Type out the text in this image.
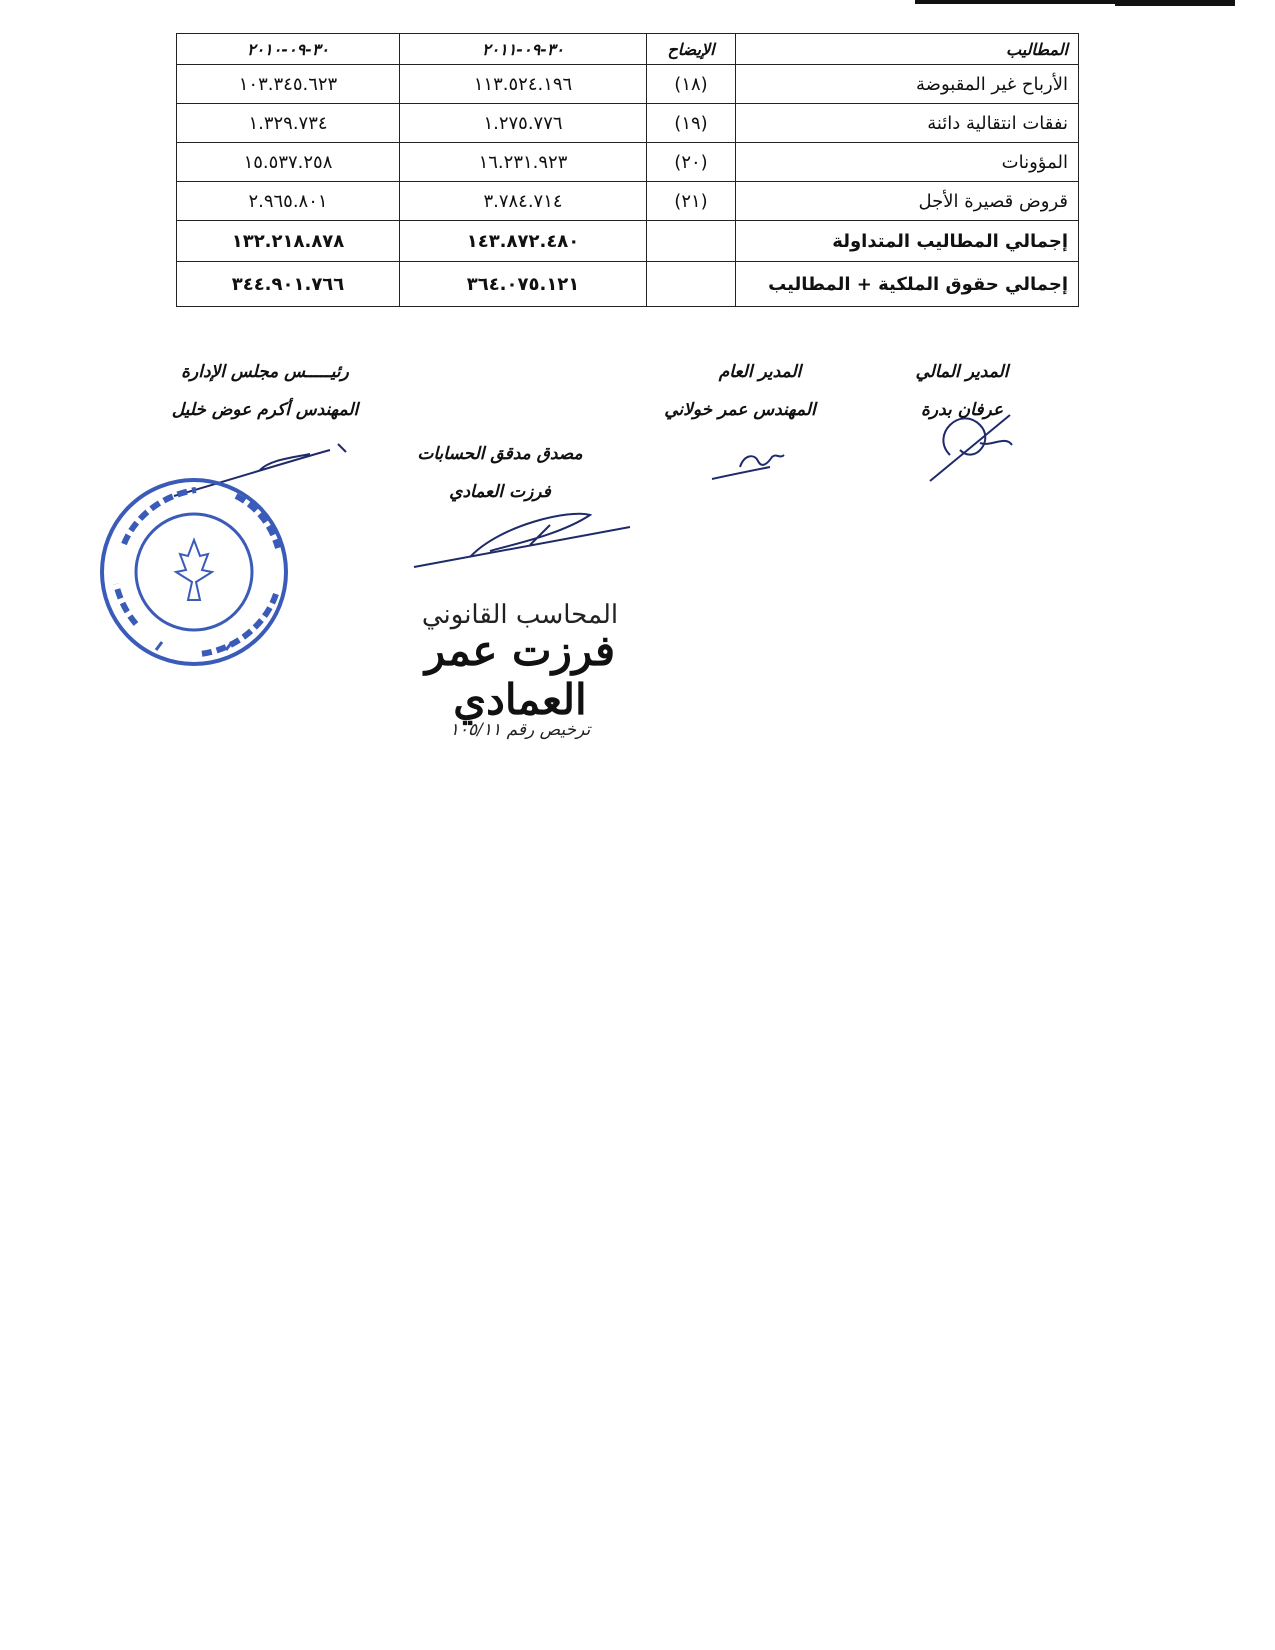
المطاليب	الإيضاح	٣٠-٠٩-٢٠١١	٣٠-٠٩-٢٠١٠
الأرباح غير المقبوضة	(١٨)	١١٣.٥٢٤.١٩٦	١٠٣.٣٤٥.٦٢٣
نفقات انتقالية دائنة	(١٩)	١.٢٧٥.٧٧٦	١.٣٢٩.٧٣٤
المؤونات	(٢٠)	١٦.٢٣١.٩٢٣	١٥.٥٣٧.٢٥٨
قروض قصيرة الأجل	(٢١)	٣.٧٨٤.٧١٤	٢.٩٦٥.٨٠١
إجمالي المطاليب المتداولة		١٤٣.٨٧٢.٤٨٠	١٣٢.٢١٨.٨٧٨
إجمالي حقوق الملكية + المطاليب		٣٦٤.٠٧٥.١٢١	٣٤٤.٩٠١.٧٦٦
المدير المالي
عرفان بدرة
المدير العام
المهندس عمر خولاني
رئيـــــس مجلس الإدارة
المهندس أكرم عوض خليل
مصدق مدقق الحسابات
فرزت العمادي
المحاسب القانوني
فرزت عمر العمادي
ترخيص رقم ١٠٥/١١
